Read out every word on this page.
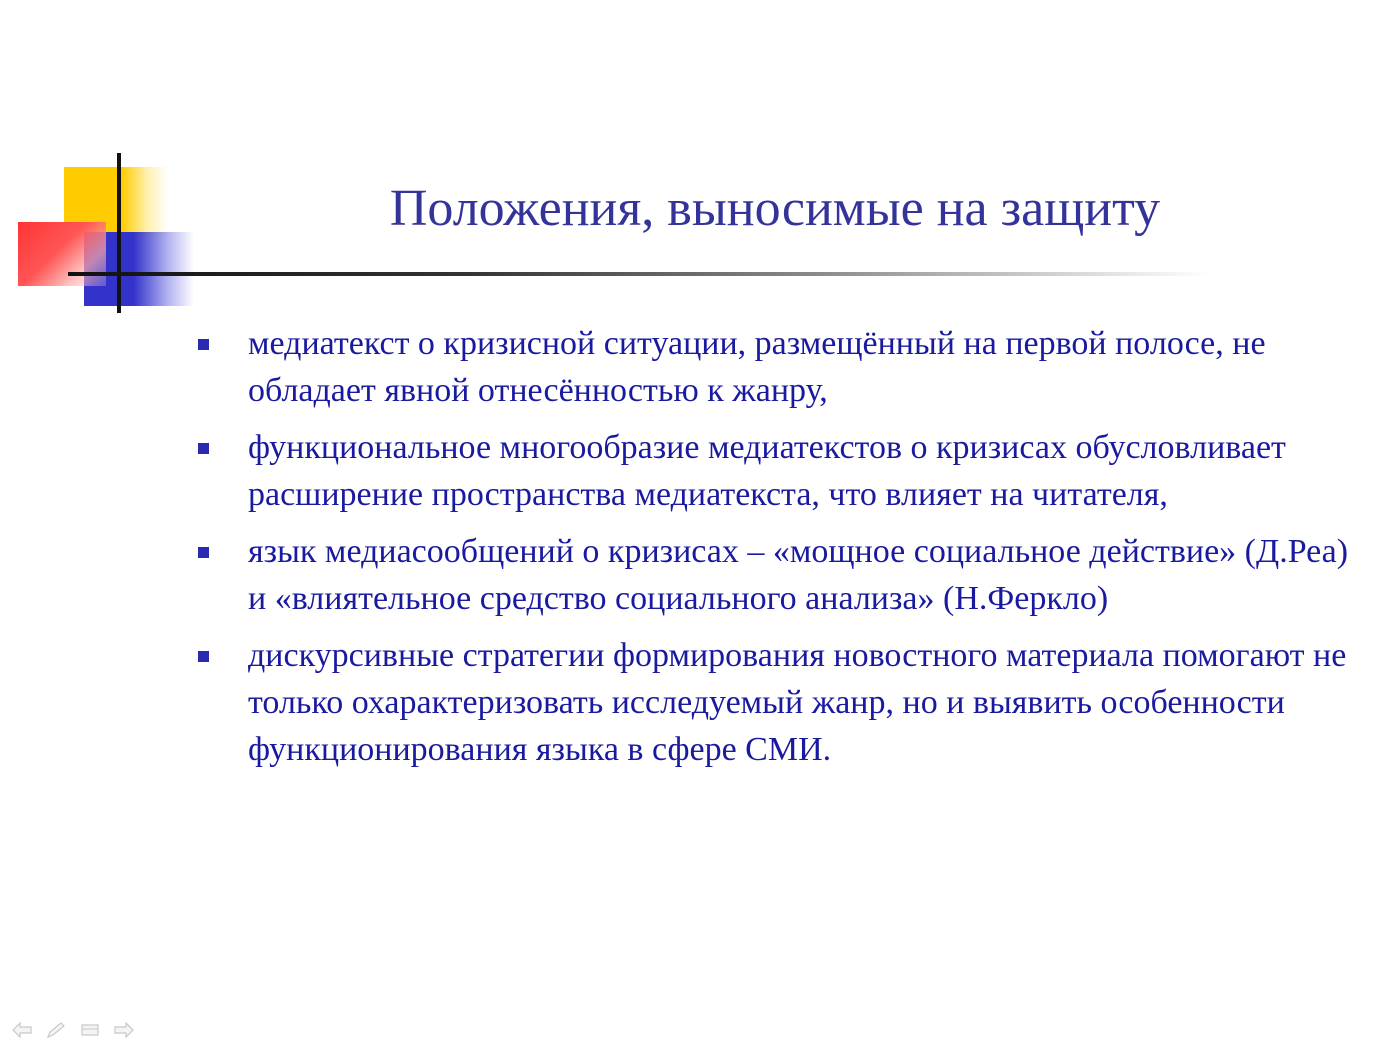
Положения, выносимые на защиту
медиатекст о кризисной ситуации, размещённый на первой полосе, не обладает явной отнесённостью к жанру,
функциональное многообразие медиатекстов о кризисах обусловливает расширение пространства медиатекста, что влияет на читателя,
язык медиасообщений о кризисах – «мощное социальное действие» (Д.Реа) и «влиятельное средство социального анализа» (Н.Феркло)
дискурсивные стратегии формирования новостного материала помогают не только охарактеризовать исследуемый жанр, но и выявить особенности функционирования языка в сфере СМИ.
